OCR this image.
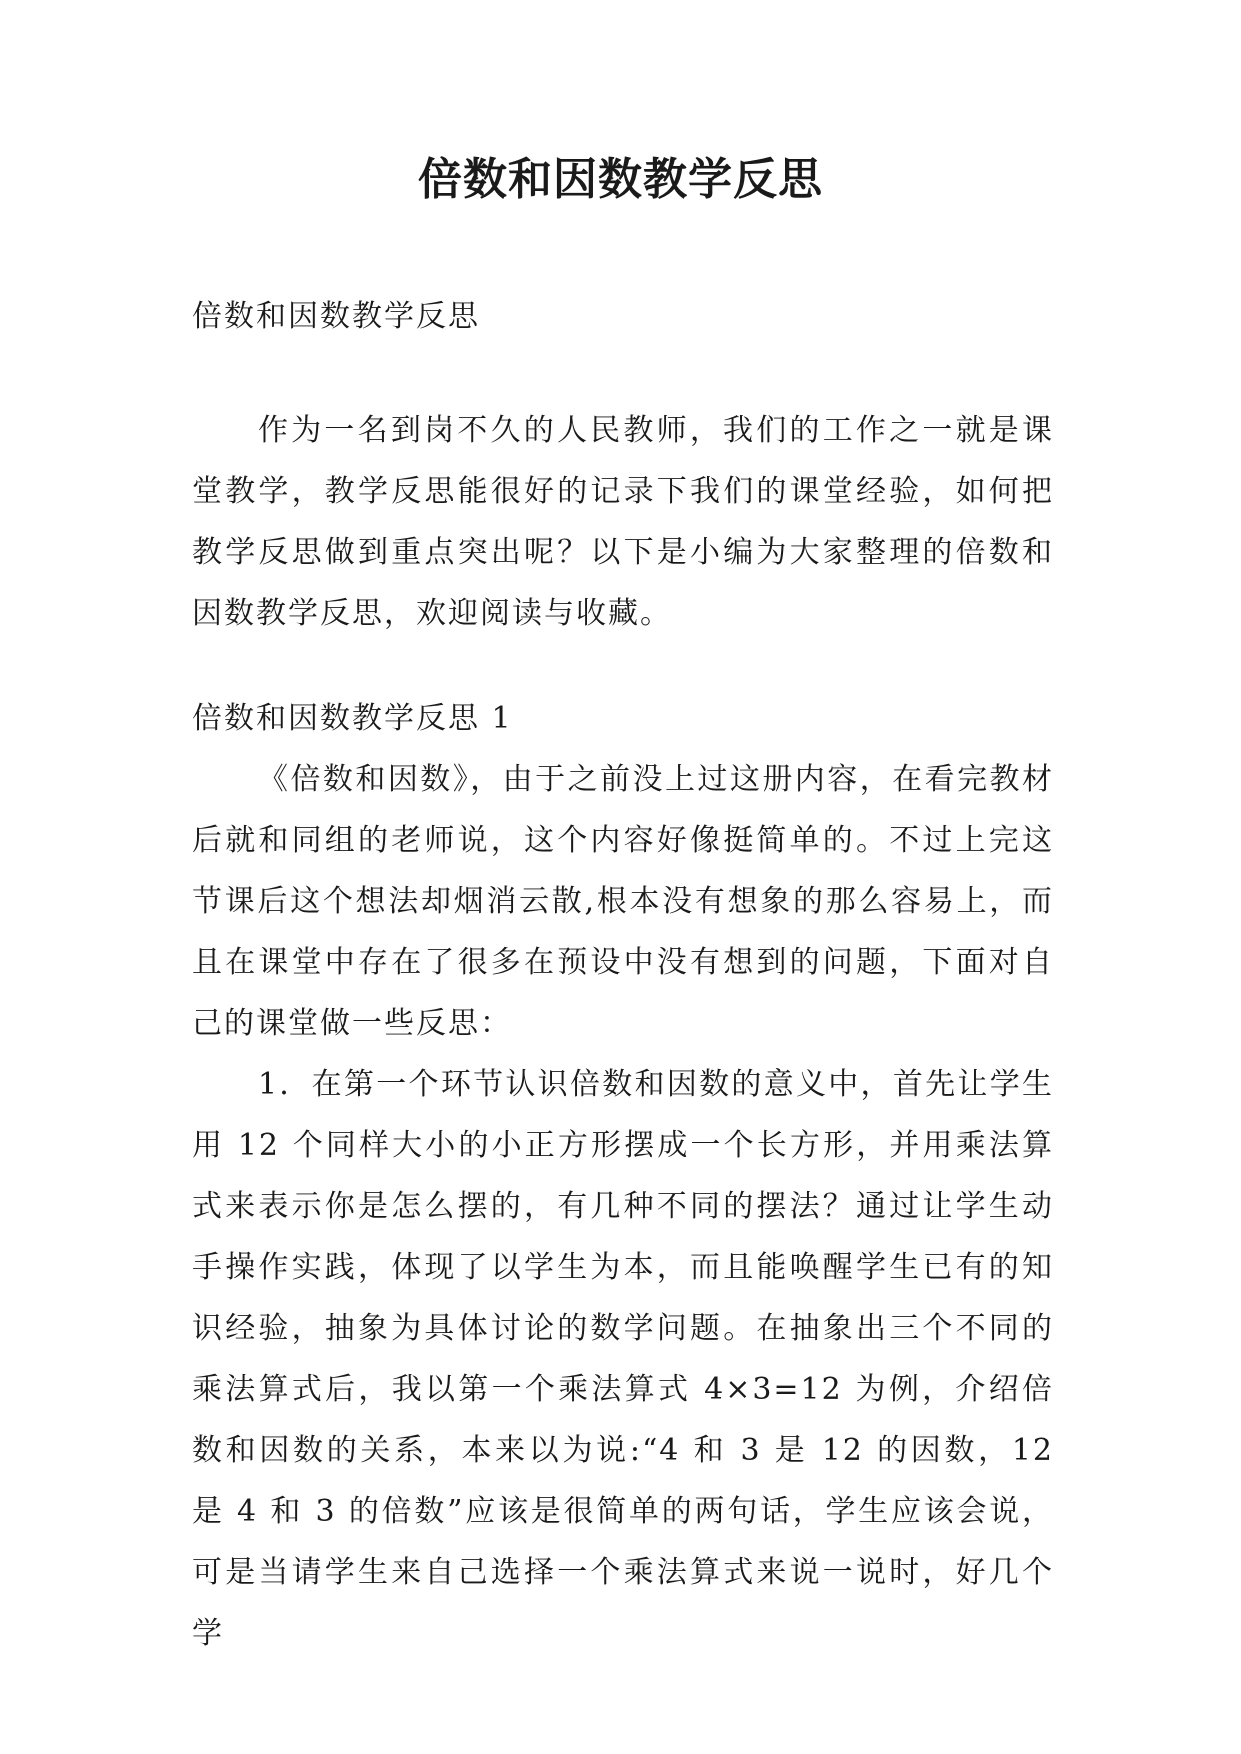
倍数和因数教学反思

倍数和因数教学反思

作为一名到岗不久的人民教师，我们的工作之一就是课堂教学，教学反思能很好的记录下我们的课堂经验，如何把教学反思做到重点突出呢？以下是小编为大家整理的倍数和因数教学反思，欢迎阅读与收藏。

倍数和因数教学反思 1

《倍数和因数》，由于之前没上过这册内容，在看完教材后就和同组的老师说，这个内容好像挺简单的。不过上完这节课后这个想法却烟消云散,根本没有想象的那么容易上，而且在课堂中存在了很多在预设中没有想到的问题，下面对自己的课堂做一些反思：

1．在第一个环节认识倍数和因数的意义中，首先让学生用 12 个同样大小的小正方形摆成一个长方形，并用乘法算式来表示你是怎么摆的，有几种不同的摆法？通过让学生动手操作实践，体现了以学生为本，而且能唤醒学生已有的知识经验，抽象为具体讨论的数学问题。在抽象出三个不同的乘法算式后，我以第一个乘法算式 4×3=12 为例，介绍倍数和因数的关系，本来以为说:“4 和 3 是 12 的因数，12 是 4 和 3 的倍数”应该是很简单的两句话，学生应该会说，可是当请学生来自己选择一个乘法算式来说一说时，好几个学
